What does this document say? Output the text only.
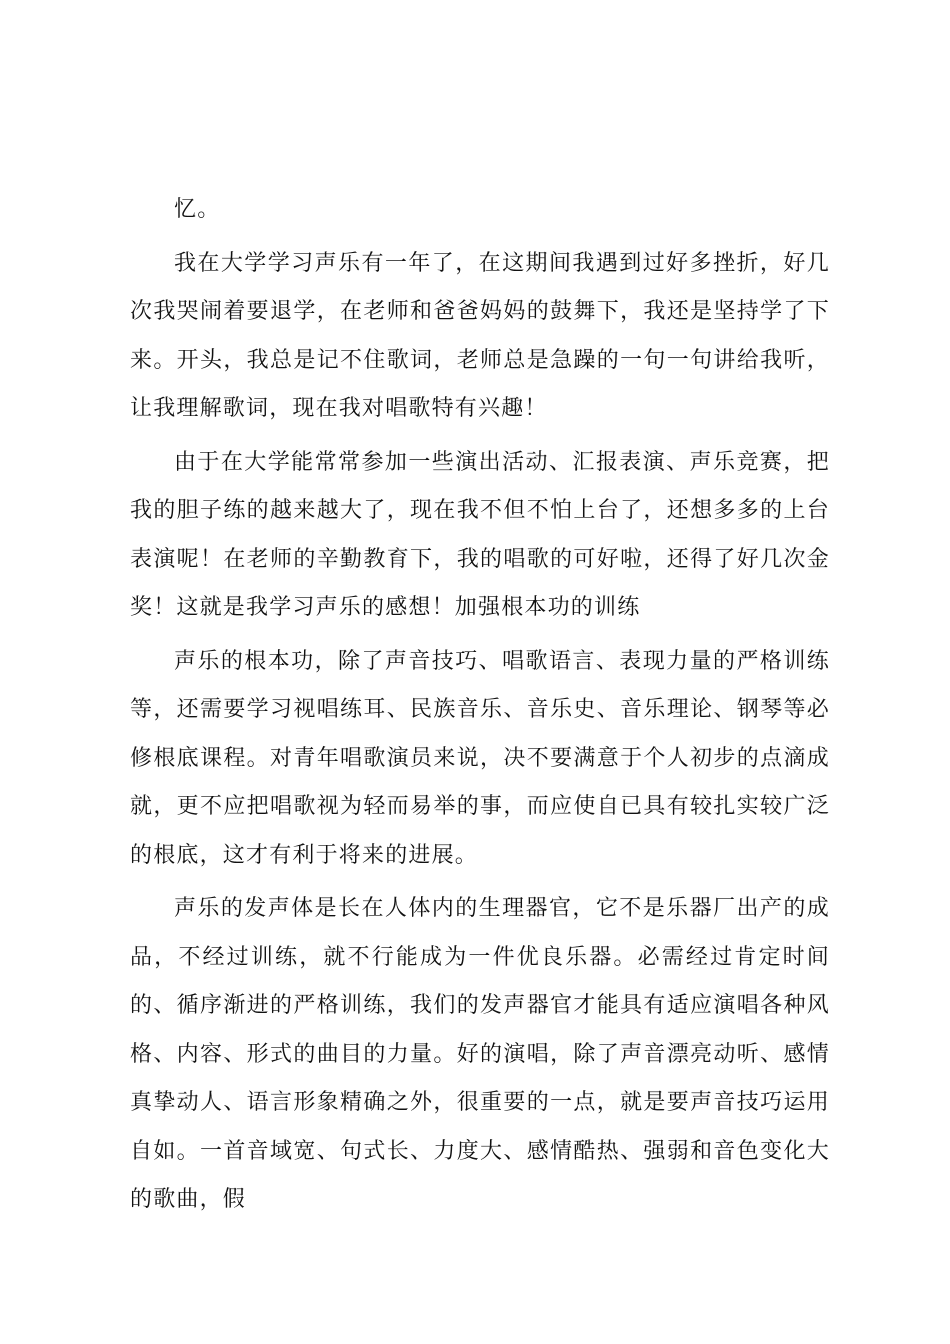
忆。

我在大学学习声乐有一年了，在这期间我遇到过好多挫折，好几次我哭闹着要退学，在老师和爸爸妈妈的鼓舞下，我还是坚持学了下来。开头，我总是记不住歌词，老师总是急躁的一句一句讲给我听，让我理解歌词，现在我对唱歌特有兴趣！

由于在大学能常常参加一些演出活动、汇报表演、声乐竞赛，把我的胆子练的越来越大了，现在我不但不怕上台了，还想多多的上台表演呢！在老师的辛勤教育下，我的唱歌的可好啦，还得了好几次金奖！这就是我学习声乐的感想！加强根本功的训练

声乐的根本功，除了声音技巧、唱歌语言、表现力量的严格训练等，还需要学习视唱练耳、民族音乐、音乐史、音乐理论、钢琴等必修根底课程。对青年唱歌演员来说，决不要满意于个人初步的点滴成就，更不应把唱歌视为轻而易举的事，而应使自已具有较扎实较广泛的根底，这才有利于将来的进展。

声乐的发声体是长在人体内的生理器官，它不是乐器厂出产的成品，不经过训练，就不行能成为一件优良乐器。必需经过肯定时间的、循序渐进的严格训练，我们的发声器官才能具有适应演唱各种风格、内容、形式的曲目的力量。好的演唱，除了声音漂亮动听、感情真挚动人、语言形象精确之外，很重要的一点，就是要声音技巧运用自如。一首音域宽、句式长、力度大、感情酷热、强弱和音色变化大的歌曲，假
